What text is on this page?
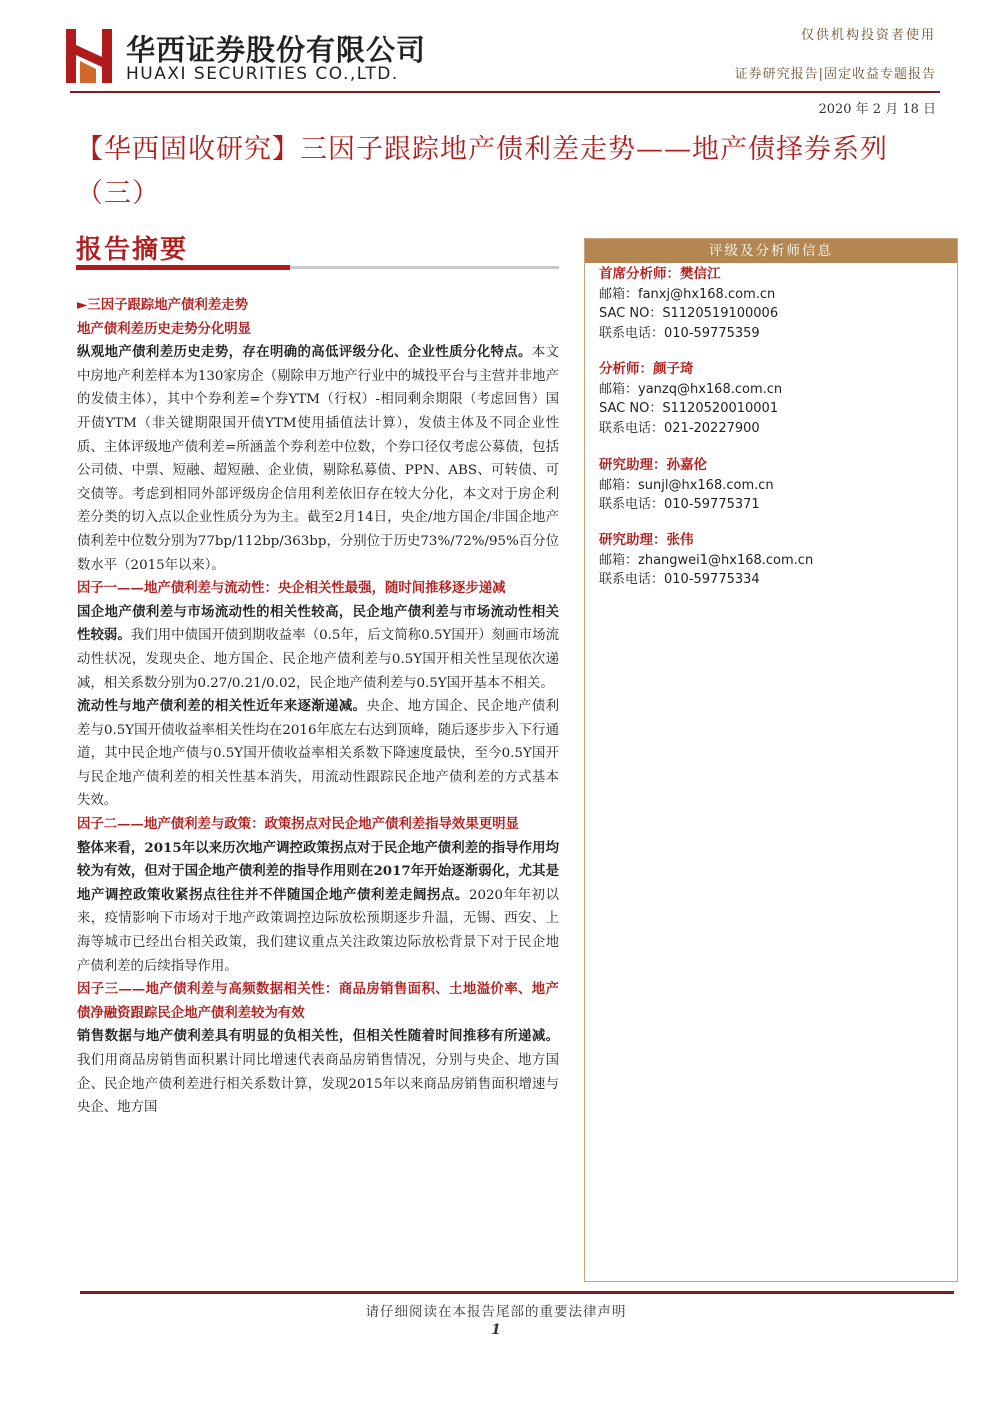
华西证券股份有限公司
HUAXI SECURITIES CO.,LTD.
仅供机构投资者使用
证券研究报告|固定收益专题报告
2020 年 2 月 18 日
【华西固收研究】三因子跟踪地产债利差走势——地产债择券系列（三）
报告摘要

►三因子跟踪地产债利差走势

地产债利差历史走势分化明显

纵观地产债利差历史走势，存在明确的高低评级分化、企业性质分化特点。本文中房地产利差样本为130家房企（剔除申万地产行业中的城投平台与主营并非地产的发债主体），其中个券利差=个券YTM（行权）-相同剩余期限（考虑回售）国开债YTM（非关键期限国开债YTM使用插值法计算），发债主体及不同企业性质、主体评级地产债利差=所涵盖个券利差中位数，个券口径仅考虑公募债，包括公司债、中票、短融、超短融、企业债，剔除私募债、PPN、ABS、可转债、可交债等。考虑到相同外部评级房企信用利差依旧存在较大分化，本文对于房企利差分类的切入点以企业性质分为为主。截至2月14日，央企/地方国企/非国企地产债利差中位数分别为77bp/112bp/363bp，分别位于历史73%/72%/95%百分位数水平（2015年以来）。

因子一——地产债利差与流动性：央企相关性最强，随时间推移逐步递减

国企地产债利差与市场流动性的相关性较高，民企地产债利差与市场流动性相关性较弱。我们用中债国开债到期收益率（0.5年，后文简称0.5Y国开）刻画市场流动性状况，发现央企、地方国企、民企地产债利差与0.5Y国开相关性呈现依次递减，相关系数分别为0.27/0.21/0.02，民企地产债利差与0.5Y国开基本不相关。

流动性与地产债利差的相关性近年来逐渐递减。央企、地方国企、民企地产债利差与0.5Y国开债收益率相关性均在2016年底左右达到顶峰，随后逐步步入下行通道，其中民企地产债与0.5Y国开债收益率相关系数下降速度最快，至今0.5Y国开与民企地产债利差的相关性基本消失，用流动性跟踪民企地产债利差的方式基本失效。

因子二——地产债利差与政策：政策拐点对民企地产债利差指导效果更明显

整体来看，2015年以来历次地产调控政策拐点对于民企地产债利差的指导作用均较为有效，但对于国企地产债利差的指导作用则在2017年开始逐渐弱化，尤其是地产调控政策收紧拐点往往并不伴随国企地产债利差走阔拐点。2020年年初以来，疫情影响下市场对于地产政策调控边际放松预期逐步升温，无锡、西安、上海等城市已经出台相关政策，我们建议重点关注政策边际放松背景下对于民企地产债利差的后续指导作用。

因子三——地产债利差与高频数据相关性：商品房销售面积、土地溢价率、地产债净融资跟踪民企地产债利差较为有效

销售数据与地产债利差具有明显的负相关性，但相关性随着时间推移有所递减。我们用商品房销售面积累计同比增速代表商品房销售情况，分别与央企、地方国企、民企地产债利差进行相关系数计算，发现2015年以来商品房销售面积增速与央企、地方国

评级及分析师信息
首席分析师：樊信江
邮箱：fanxj@hx168.com.cn
SAC NO：S1120519100006
联系电话：010-59775359
分析师：颜子琦
邮箱：yanzq@hx168.com.cn
SAC NO：S1120520010001
联系电话：021-20227900
研究助理：孙嘉伦
邮箱：sunjl@hx168.com.cn
联系电话：010-59775371
研究助理：张伟
邮箱：zhangwei1@hx168.com.cn
联系电话：010-59775334
请仔细阅读在本报告尾部的重要法律声明
1
